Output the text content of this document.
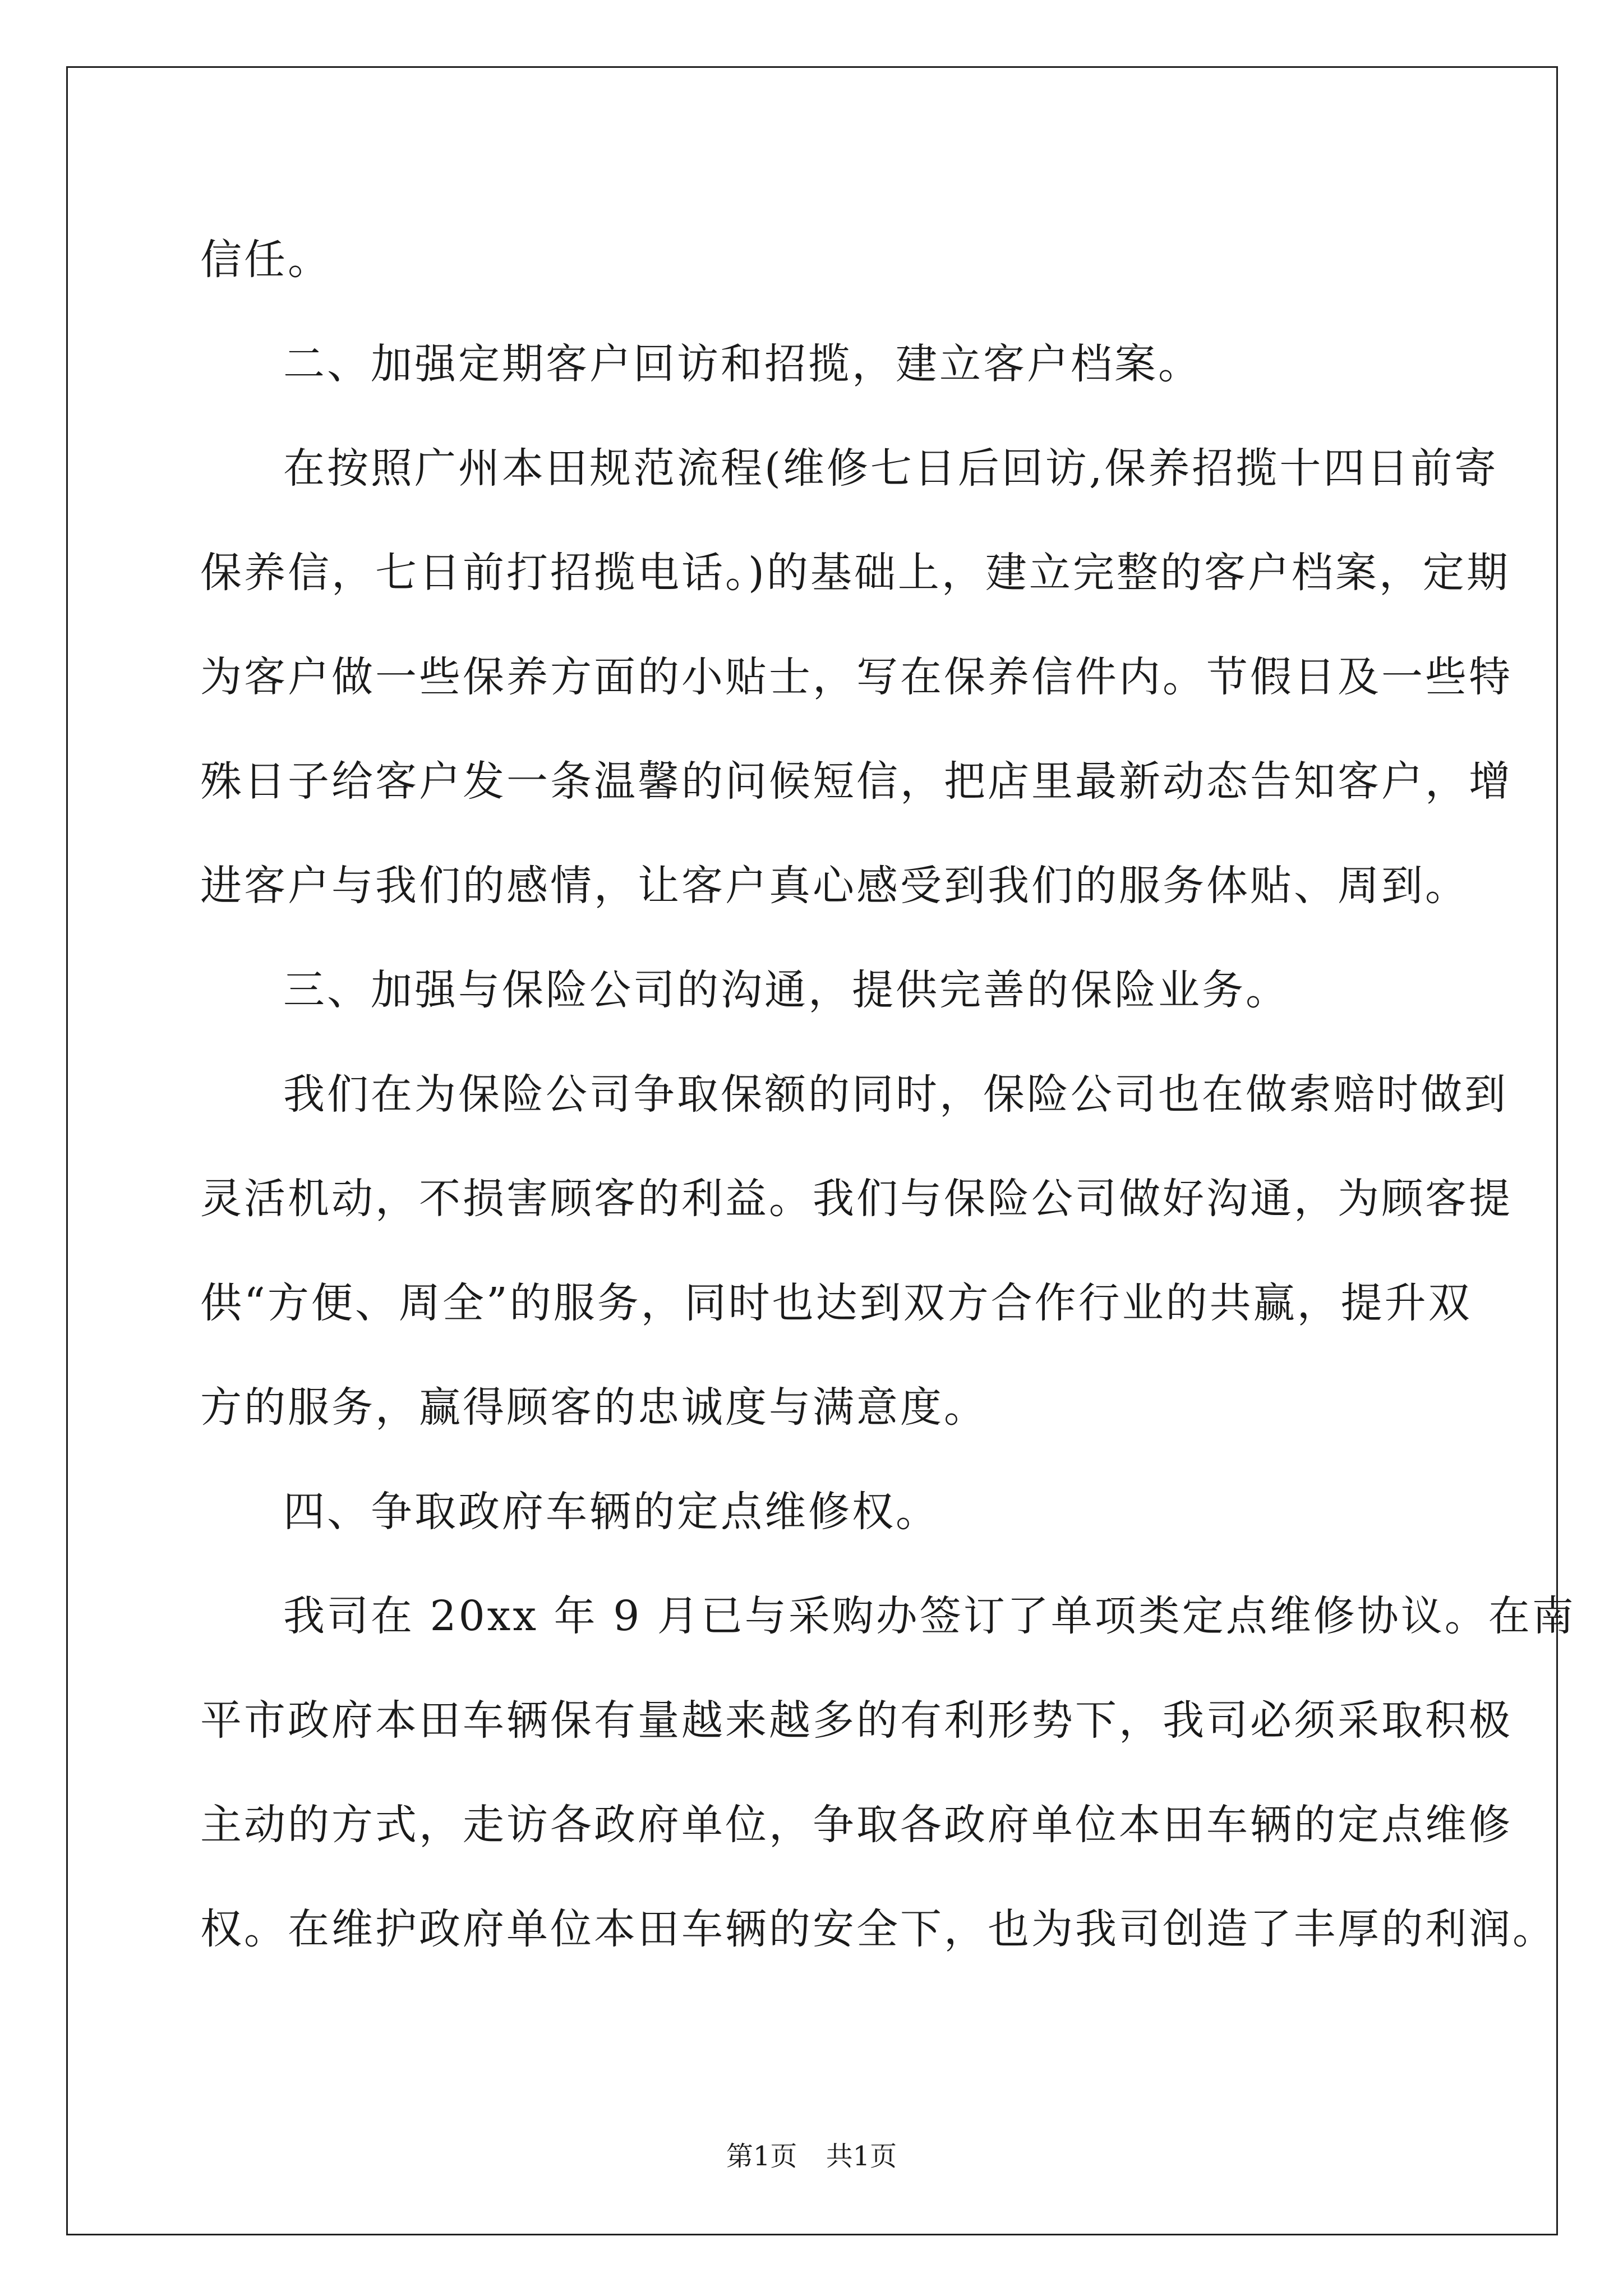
信任。
二、加强定期客户回访和招揽，建立客户档案。
在按照广州本田规范流程(维修七日后回访,保养招揽十四日前寄
保养信，七日前打招揽电话。)的基础上，建立完整的客户档案，定期
为客户做一些保养方面的小贴士，写在保养信件内。节假日及一些特
殊日子给客户发一条温馨的问候短信，把店里最新动态告知客户，增
进客户与我们的感情，让客户真心感受到我们的服务体贴、周到。
三、加强与保险公司的沟通，提供完善的保险业务。
我们在为保险公司争取保额的同时，保险公司也在做索赔时做到
灵活机动，不损害顾客的利益。我们与保险公司做好沟通，为顾客提
供“方便、周全”的服务，同时也达到双方合作行业的共赢，提升双
方的服务，赢得顾客的忠诚度与满意度。
四、争取政府车辆的定点维修权。
我司在 20xx 年 9 月已与采购办签订了单项类定点维修协议。在南
平市政府本田车辆保有量越来越多的有利形势下，我司必须采取积极
主动的方式，走访各政府单位，争取各政府单位本田车辆的定点维修
权。在维护政府单位本田车辆的安全下，也为我司创造了丰厚的利润。
第1页 共1页
